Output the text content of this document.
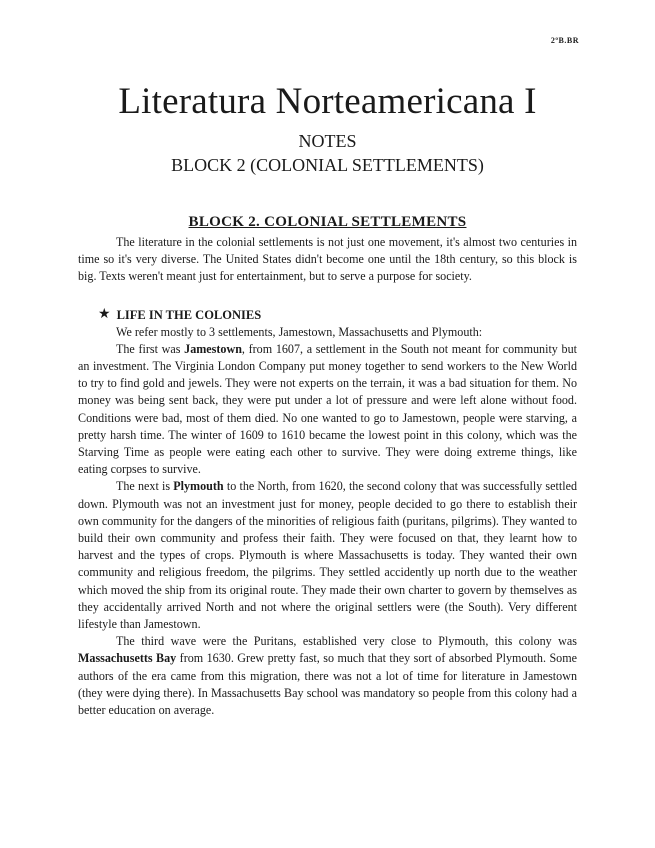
2ºB.BR
Literatura Norteamericana I
NOTES
BLOCK 2 (COLONIAL SETTLEMENTS)
BLOCK 2. COLONIAL SETTLEMENTS

The literature in the colonial settlements is not just one movement, it's almost two centuries in time so it's very diverse. The United States didn't become one until the 18th century, so this block is big. Texts weren't meant just for entertainment, but to serve a purpose for society.

★ LIFE IN THE COLONIES

We refer mostly to 3 settlements, Jamestown, Massachusetts and Plymouth:

The first was Jamestown, from 1607, a settlement in the South not meant for community but an investment. The Virginia London Company put money together to send workers to the New World to try to find gold and jewels. They were not experts on the terrain, it was a bad situation for them. No money was being sent back, they were put under a lot of pressure and were left alone without food. Conditions were bad, most of them died. No one wanted to go to Jamestown, people were starving, a pretty harsh time. The winter of 1609 to 1610 became the lowest point in this colony, which was the Starving Time as people were eating each other to survive. They were doing extreme things, like eating corpses to survive.

The next is Plymouth to the North, from 1620, the second colony that was successfully settled down. Plymouth was not an investment just for money, people decided to go there to establish their own community for the dangers of the minorities of religious faith (puritans, pilgrims). They wanted to build their own community and profess their faith. They were focused on that, they learnt how to harvest and the types of crops. Plymouth is where Massachusetts is today. They wanted their own community and religious freedom, the pilgrims. They settled accidently up north due to the weather which moved the ship from its original route. They made their own charter to govern by themselves as they accidentally arrived North and not where the original settlers were (the South). Very different lifestyle than Jamestown.

The third wave were the Puritans, established very close to Plymouth, this colony was Massachusetts Bay from 1630. Grew pretty fast, so much that they sort of absorbed Plymouth. Some authors of the era came from this migration, there was not a lot of time for literature in Jamestown (they were dying there). In Massachusetts Bay school was mandatory so people from this colony had a better education on average.
